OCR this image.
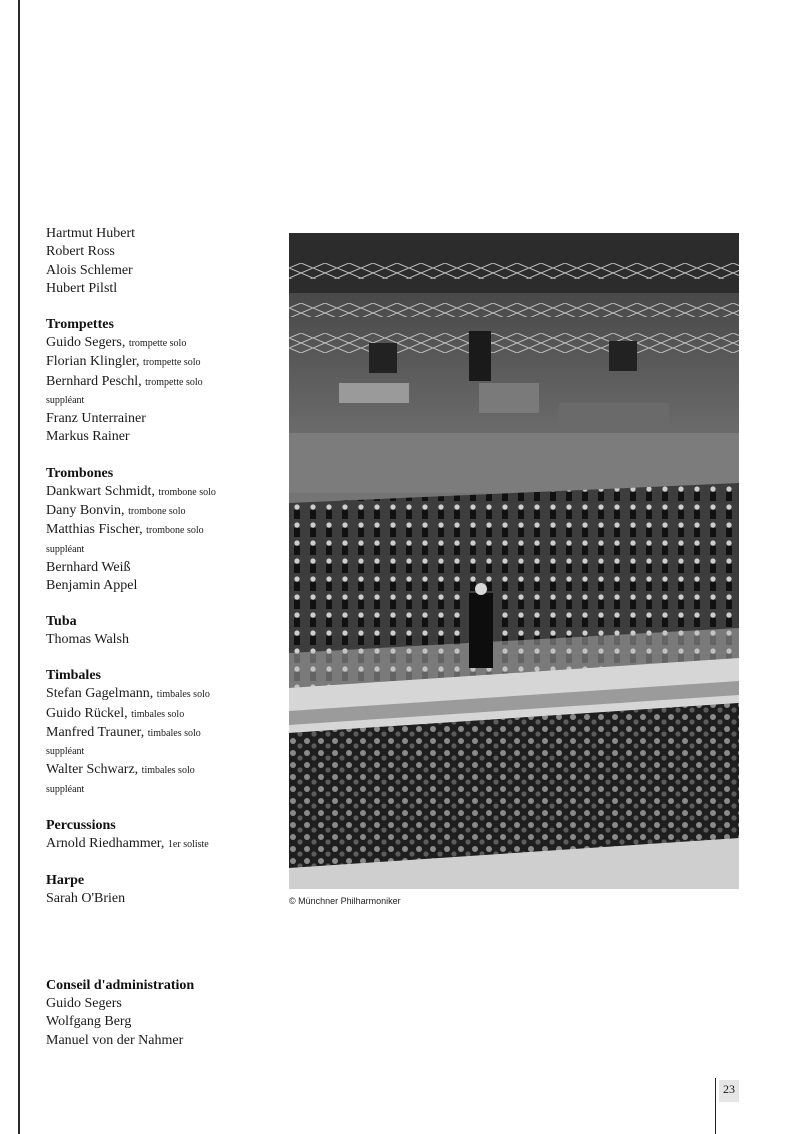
Hartmut Hubert
Robert Ross
Alois Schlemer
Hubert Pilstl
Trompettes
Guido Segers, trompette solo
Florian Klingler, trompette solo
Bernhard Peschl, trompette solo
suppléant
Franz Unterrainer
Markus Rainer
Trombones
Dankwart Schmidt, trombone solo
Dany Bonvin, trombone solo
Matthias Fischer, trombone solo
suppléant
Bernhard Weiß
Benjamin Appel
Tuba
Thomas Walsh
Timbales
Stefan Gagelmann, timbales solo
Guido Rückel, timbales solo
Manfred Trauner, timbales solo
suppléant
Walter Schwarz, timbales solo
suppléant
Percussions
Arnold Riedhammer, 1er soliste
Harpe
Sarah O'Brien
Conseil d'administration
Guido Segers
Wolfgang Berg
Manuel von der Nahmer
© Münchner Philharmoniker
23
